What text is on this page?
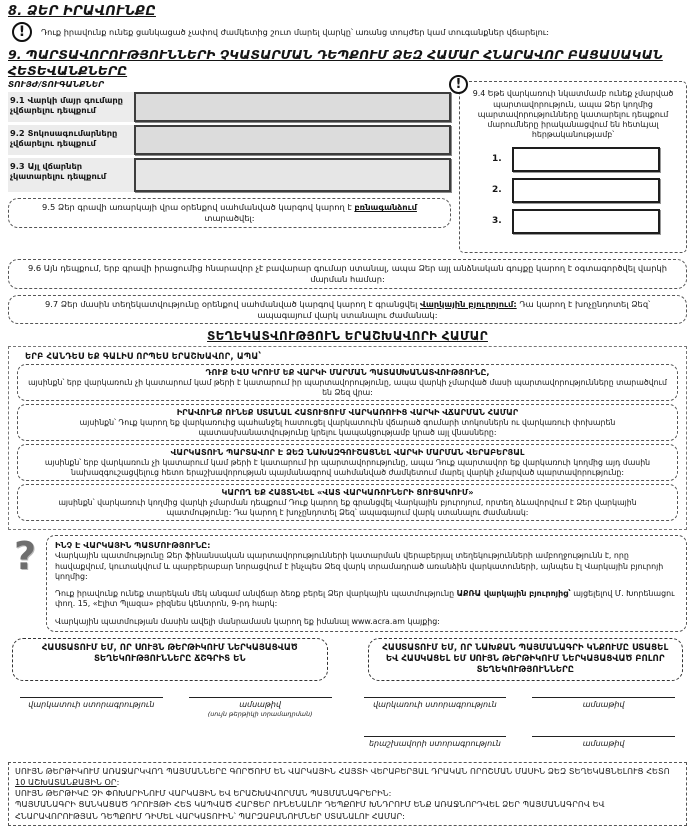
8. ՁԵՐ ԻՐԱՎՈՒՆՔԸ
!	Դուք իրավունք ունեք ցանկացած չափով ժամկետից շուտ մարել վարկը՝ առանց տույժեր կամ տուգանքներ վճարելու:
9. ՊԱՐՏԱՎՈՐՈՒԹՅՈՒՆՆԵՐԻ ՉԿԱՏԱՐՄԱՆ ԴԵՊՔՈՒՄ ՁԵԶ ՀԱՄԱՐ ՀՆԱՐԱՎՈՐ ԲԱՑԱՍԱԿԱՆ
ՀԵՏԵՎԱՆՔՆԵՐԸ
ՏՈՒՅԺ/ՏՈՒԳԱՆՔՆԵՐ
9.1 Վարկի մայր գումարը չվճարելու դեպքում
9.2 Տոկոսագումարները չվճարելու դեպքում
9.3 Այլ վճարներ չկատարելու դեպքում
9.5 Ձեր գրավի առարկայի վրա օրենքով սահմանված կարգով կարող է բռնագանձում տարածվել:
!
9.4 Եթե վարկառուի նկատմամբ ունեք չմարված պարտավորություն, ապա Ձեր կողմից պարտավորությունները կատարելու դեպքում մարումները իրականացվում են հետևյալ հերթականությամբ՝
1.
2.
3.
9.6 Այն դեպքում, երբ գրավի իրացումից հնարավոր չէ բավարար գումար ստանալ, ապա Ձեր այլ անձնական գույքը կարող է օգտագործվել վարկի մարման համար:
9.7 Ձեր մասին տեղեկատվությունը օրենքով սահմանված կարգով կարող է գրանցվել Վարկային բյուրոյում: Դա կարող է խոչընդոտել Ձեզ՝ ապագայում վարկ ստանալու ժամանակ:
ՏԵՂԵԿԱՏՎՈՒԹՅՈՒՆ ԵՐԱՇԽԱՎՈՐԻ ՀԱՄԱՐ
ԵՐԲ ՀԱՆԴԵՍ ԵՔ ԳԱԼԻՍ ՈՐՊԵՍ ԵՐԱՇԽԱՎՈՐ, ԱՊԱ՝
ԴՈՒՔ ԵՎՍ ԿՐՈՒՄ ԵՔ ՎԱՐԿԻ ՄԱՐՄԱՆ ՊԱՏԱՍԽԱՆԱՏՎՈՒԹՅՈՒՆԸ,
այսինքն՝ երբ վարկառուն չի կատարում կամ թերի է կատարում իր պարտավորությունը, ապա վարկի չմարված մասի պարտավորությունները տարածվում են Ձեզ վրա:
ԻՐԱՎՈՒՆՔ ՈՒՆԵՔ ՍՏԱՆԱԼ ՀԱՏՈՒՑՈՒՄ ՎԱՐԿԱՌՈՒԻՑ ՎԱՐԿԻ ՎՃԱՐՄԱՆ ՀԱՄԱՐ
այսինքն՝ Դուք կարող եք վարկառուից պահանջել հատուցել վարկատուին վճարած գումարի տոկոսներն ու վարկառուի փոխարեն պատասխանատվությունը կրելու կապակցությամբ կրած այլ վնասները:
ՎԱՐԿԱՏՈՒՆ ՊԱՐՏԱՎՈՐ Է ՁԵԶ ՆԱԽԱԶԳՈՒՇԱՑՆԵԼ ՎԱՐԿԻ ՄԱՐՄԱՆ ՎԵՐԱԲԵՐՅԱԼ
այսինքն՝ երբ վարկառուն չի կատարում կամ թերի է կատարում իր պարտավորությունը, ապա Դուք պարտավոր եք վարկառուի կողմից այդ մասին նախազգուշացվելուց հետո երաշխավորության պայմանագրով սահմանված ժամկետում մարել վարկի չմարված պարտավորությունը:
ԿԱՐՈՂ ԵՔ ՀԱՅՏՆՎԵԼ «ՎԱՏ ՎԱՐԿԱՌՈՒՆԵՐԻ ՑՈՒՑԱԿՈՒՄ»
այսինքն՝ վարկառուի կողմից վարկի չմարման դեպքում Դուք կարող եք գրանցվել Վարկային բյուրոյում, որտեղ ձևավորվում է Ձեր վարկային պատմությունը: Դա կարող է խոչընդոտել Ձեզ՝ ապագայում վարկ ստանալու ժամանակ:
?	ԻՆՉ Է ՎԱՐԿԱՅԻՆ ՊԱՏՄՈՒԹՅՈՒՆԸ:
Վարկային պատմությունը Ձեր ֆինանսական պարտավորությունների կատարման վերաբերյալ տեղեկությունների ամբողջությունն է, որը հավաքվում, կուտակվում և պարբերաբար նորացվում է ինչպես Ձեզ վարկ տրամադրած առանձին վարկատուների, այնպես էլ Վարկային բյուրոյի կողմից:

Դուք իրավունք ունեք տարեկան մեկ անգամ անվճար ձեռք բերել Ձեր վարկային պատմությունը ԱՔՌԱ վարկային բյուրոյից՝ այցելելով Մ. Խորենացու փող. 15, «Էլիտ Պլազա» բիզնես կենտրոն, 9-րդ հարկ:

Վարկային պատմության մասին ավելի մանրամասն կարող եք իմանալ www.acra.am կայքից:

ՀԱՍՏԱՏՈՒՄ ԵՄ, ՈՐ ՍՈՒՅՆ ԹԵՐԹԻԿՈՒՄ ՆԵՐԿԱՅԱՑՎԱԾ ՏԵՂԵԿՈՒԹՅՈՒՆՆԵՐԸ ՃՇԳՐԻՏ ԵՆ
ՀԱՍՏԱՏՈՒՄ ԵՄ, ՈՐ ՆԱԽՔԱՆ ՊԱՅՄԱՆԱԳՐԻ ԿՆՔՈՒՄԸ ՍՏԱՑԵԼ ԵՎ ՀԱՍԿԱՑԵԼ ԵՄ ՍՈՒՅՆ ԹԵՐԹԻԿՈՒՄ ՆԵՐԿԱՅԱՑՎԱԾ ԲՈԼՈՐ ՏԵՂԵԿՈՒԹՅՈՒՆՆԵՐԸ
վարկատուի ստորագրություն	ամսաթիվ
(սույն թերթիկի տրամադրման)
վարկառուի ստորագրություն	ամսաթիվ
երաշխավորի ստորագրություն	ամսաթիվ
ՍՈՒՅՆ ԹԵՐԹԻԿՈՒՄ ԱՌԱՋԱՐԿՎՈՂ ՊԱՅՄԱՆՆԵՐԸ ԳՈՐԾՈՒՄ ԵՆ ՎԱՐԿԱՅԻՆ ՀԱՅՏԻ ՎԵՐԱԲԵՐՅԱԼ ԴՐԱԿԱՆ ՈՐՈՇՄԱՆ ՄԱՍԻՆ ՁԵԶ ՏԵՂԵԿԱՑՆԵԼՈՒՑ ՀԵՏՈ 10 ԱՇԽԱՏԱՆՔԱՅԻՆ ՕՐ:
ՍՈՒՅՆ ԹԵՐԹԻԿԸ ՉԻ ՓՈԽԱՐԻՆՈՒՄ ՎԱՐԿԱՅԻՆ ԵՎ ԵՐԱՇԽԱՎՈՐՄԱՆ ՊԱՅՄԱՆԱԳՐԵՐԻՆ:
ՊԱՅՄԱՆԱԳՐԻ ՑԱՆԿԱՑԱԾ ԴՐՈՒՅԹԻ ՀԵՏ ԿԱՊՎԱԾ ՀԱՐՑԵՐ ՈՒՆԵՆԱԼՈՒ ԴԵՊՔՈՒՄ ԽՆԴՐՈՒՄ ԵՆՔ ԱՌԱՋՆՈՐԴՎԵԼ ՁԵՐ ՊԱՅՄԱՆԱԳՐՈՎ ԵՎ ՀՆԱՐԱՎՈՐՈՒԹՅԱՆ ԴԵՊՔՈՒՄ ԴԻՄԵԼ ՎԱՐԿԱՏՈՒԻՆ՝ ՊԱՐԶԱԲԱՆՈՒՄՆԵՐ ՍՏԱՆԱԼՈՒ ՀԱՄԱՐ:
